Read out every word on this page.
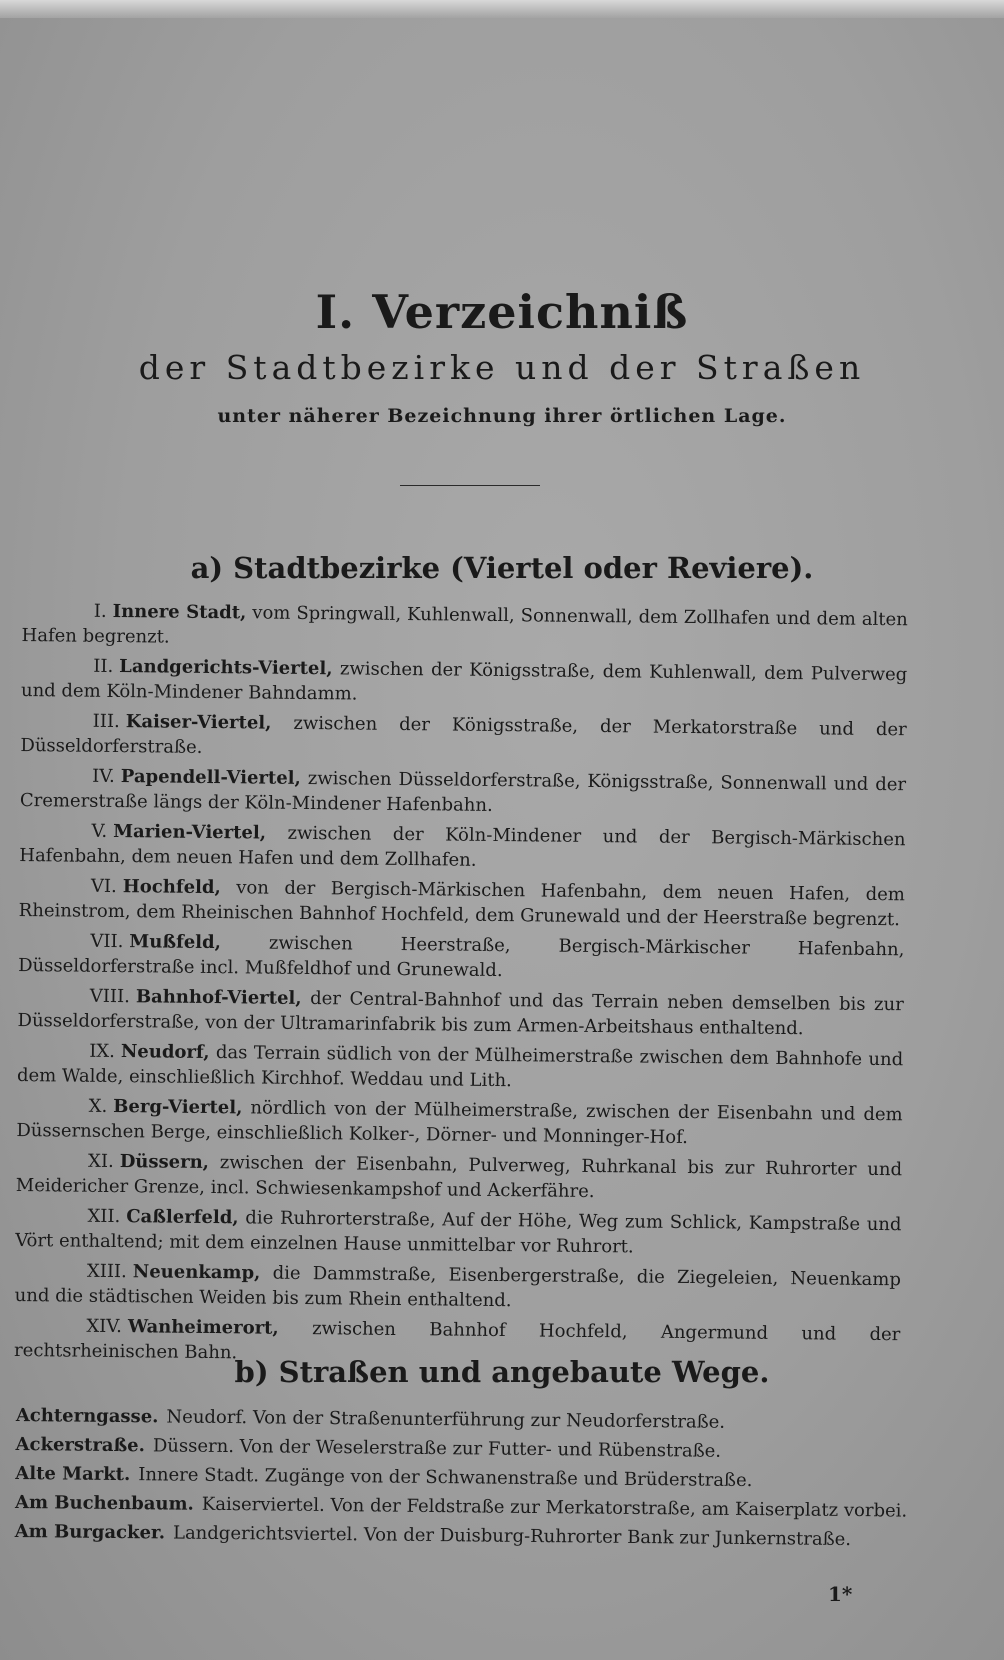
I. Verzeichniß
der Stadtbezirke und der Straßen
unter näherer Bezeichnung ihrer örtlichen Lage.
a) Stadtbezirke (Viertel oder Reviere).

I. Innere Stadt, vom Springwall, Kuhlenwall, Sonnenwall, dem Zollhafen und dem alten Hafen begrenzt.

II. Landgerichts-Viertel, zwischen der Königsstraße, dem Kuhlenwall, dem Pulverweg und dem Köln-Mindener Bahndamm.

III. Kaiser-Viertel, zwischen der Königsstraße, der Merkatorstraße und der Düsseldorferstraße.

IV. Papendell-Viertel, zwischen Düsseldorferstraße, Königsstraße, Sonnenwall und der Cremerstraße längs der Köln-Mindener Hafenbahn.

V. Marien-Viertel, zwischen der Köln-Mindener und der Bergisch-Märkischen Hafenbahn, dem neuen Hafen und dem Zollhafen.

VI. Hochfeld, von der Bergisch-Märkischen Hafenbahn, dem neuen Hafen, dem Rheinstrom, dem Rheinischen Bahnhof Hochfeld, dem Grunewald und der Heerstraße begrenzt.

VII. Mußfeld,	zwischen Heerstraße, Bergisch-Märkischer Hafenbahn, Düsseldorferstraße incl. Mußfeldhof und Grunewald.

VIII. Bahnhof-Viertel, der Central-Bahnhof und das Terrain neben demselben bis zur Düsseldorferstraße, von der Ultramarinfabrik bis zum Armen-Arbeitshaus enthaltend.

IX. Neudorf, das Terrain südlich von der Mülheimerstraße zwischen dem Bahnhofe und dem Walde, einschließlich Kirchhof. Weddau und Lith.

X. Berg-Viertel, nördlich von der Mülheimerstraße, zwischen der Eisenbahn und dem Düssernschen Berge, einschließlich Kolker-, Dörner- und Monninger-Hof.

XI. Düssern, zwischen der Eisenbahn, Pulverweg, Ruhrkanal bis zur Ruhrorter und Meidericher Grenze, incl. Schwiesenkampshof und Ackerfähre.

XII. Caßlerfeld, die Ruhrorterstraße, Auf der Höhe, Weg zum Schlick, Kampstraße und Vört enthaltend; mit dem einzelnen Hause unmittelbar vor Ruhrort.

XIII. Neuenkamp, die Dammstraße, Eisenbergerstraße, die Ziegeleien, Neuenkamp und die städtischen Weiden bis zum Rhein enthaltend.

XIV. Wanheimerort, zwischen Bahnhof Hochfeld, Angermund und der rechtsrheinischen Bahn.

b) Straßen und angebaute Wege.

Achterngasse. Neudorf. Von der Straßenunterführung zur Neudorferstraße.

Ackerstraße. Düssern. Von der Weselerstraße zur Futter- und Rübenstraße.

Alte Markt. Innere Stadt. Zugänge von der Schwanenstraße und Brüderstraße.

Am Buchenbaum. Kaiserviertel. Von der Feldstraße zur Merkatorstraße, am Kaiserplatz vorbei.

Am Burgacker. Landgerichtsviertel. Von der Duisburg-Ruhrorter Bank zur Junkernstraße.

1*
